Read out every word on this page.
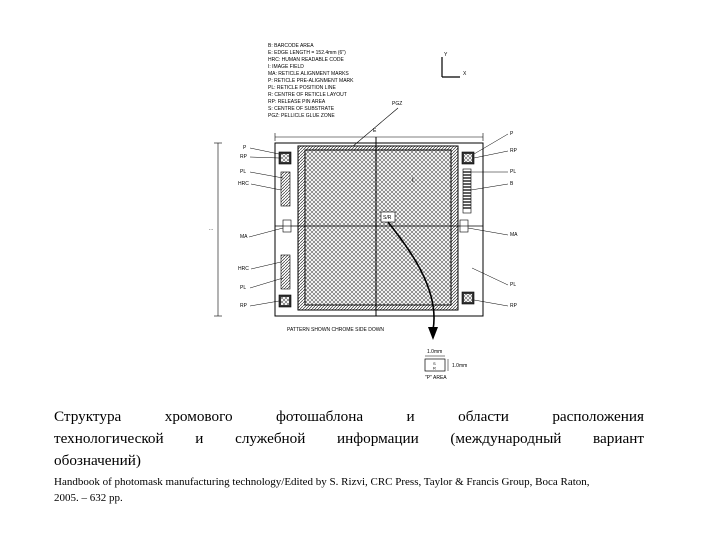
B: BARCODE AREA
E: EDGE LENGTH = 152.4mm (6")
HRC: HUMAN READABLE CODE
I: IMAGE FIELD
MA: RETICLE ALIGNMENT MARKS
P: RETICLE PRE-ALIGNMENT MARK
PL: RETICLE POSITION LINE
R: CENTRE OF RETICLE LAYOUT
RP: RELEASE PIN AREA
S: CENTRE OF SUBSTRATE
PGZ: PELLICLE GLUE ZONE
Y
X
PGZ
E
...
I
S/R
P
RP
PL
HRC
MA
HRC
PL
RP
P
RP
PL
B
MA
PL
RP
PATTERN SHOWN CHROME SIDE DOWN
1.0mm
S
R	1.0mm
"P" AREA
Структура	хромового	фотошаблона	и	области	расположения
технологической и служебной информации (международный вариант
обозначений)
Handbook of photomask manufacturing technology/Edited by S. Rizvi, CRC Press, Taylor & Francis Group, Boca Raton,
2005. – 632 pp.
